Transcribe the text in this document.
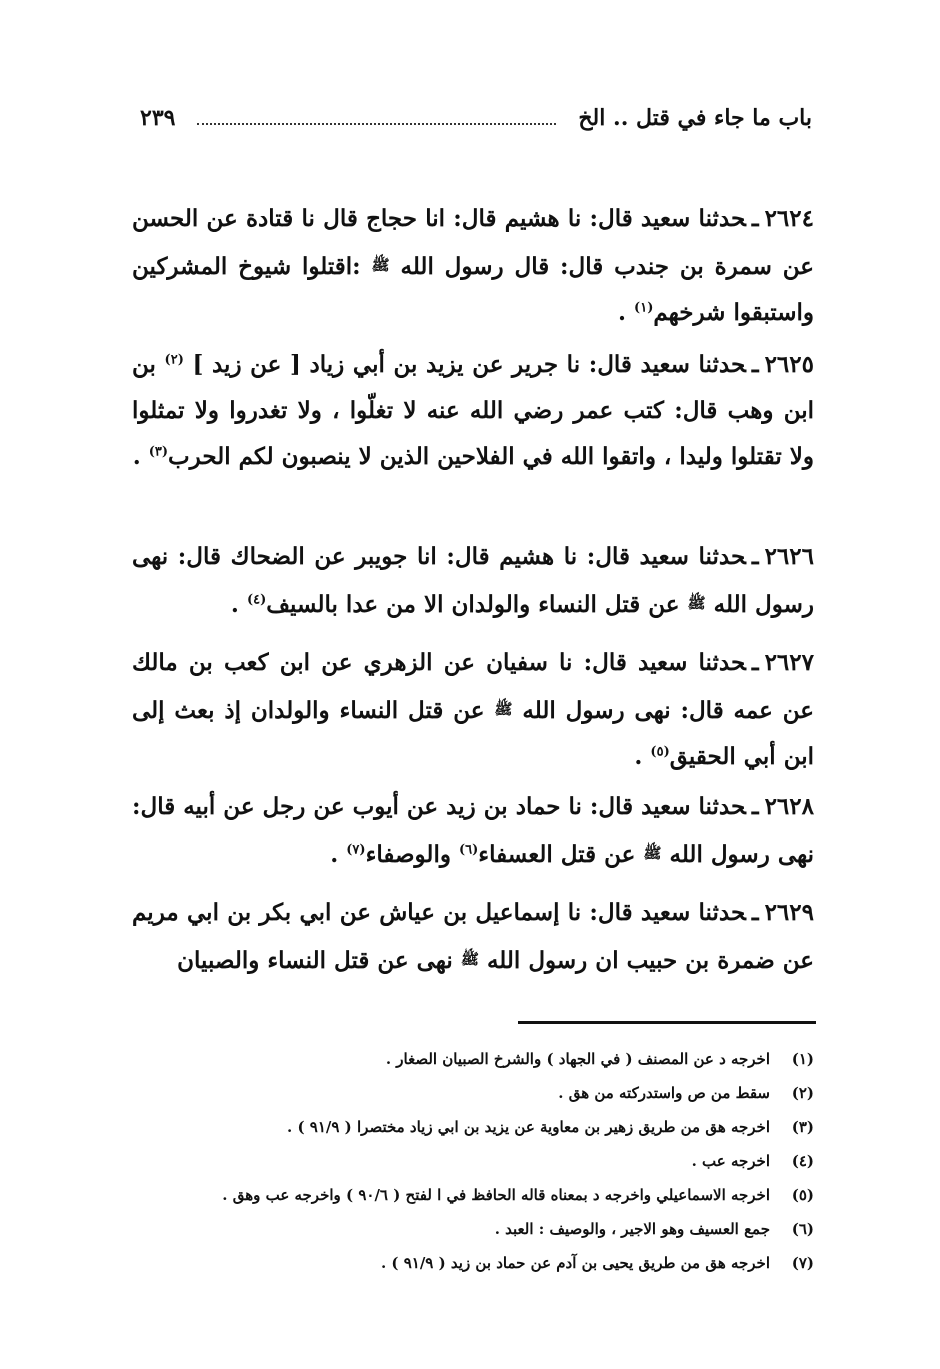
باب ما جاء في قتل .. الخ
٢٣٩
٢٦٢٤ـحدثنا سعيد قال: نا هشيم قال: انا حجاج قال نا قتادة عن الحسن عن سمرة بن جندب قال: قال رسول الله ﷺ :اقتلوا شيوخ المشركين واستبقوا شرخهم$^{(١)}$ .
٢٦٢٥ـحدثنا سعيد قال: نا جرير عن يزيد بن أبي زياد [ عن زيد ] $^{(٢)}$ بن ابن وهب قال: كتب عمر رضي الله عنه لا تغلّوا ، ولا تغدروا ولا تمثلوا ولا تقتلوا وليدا ، واتقوا الله في الفلاحين الذين لا ينصبون لكم الحرب$^{(٣)}$ .
٢٦٢٦ـحدثنا سعيد قال: نا هشيم قال: انا جويبر عن الضحاك قال: نهى رسول الله ﷺ عن قتل النساء والولدان الا من عدا بالسيف$^{(٤)}$ .
٢٦٢٧ـحدثنا سعيد قال: نا سفيان عن الزهري عن ابن كعب بن مالك عن عمه قال: نهى رسول الله ﷺ عن قتل النساء والولدان إذ بعث إلى ابن أبي الحقيق$^{(٥)}$ .
٢٦٢٨ـحدثنا سعيد قال: نا حماد بن زيد عن أيوب عن رجل عن أبيه قال: نهى رسول الله ﷺ عن قتل العسفاء$^{(٦)}$ والوصفاء$^{(٧)}$ .
٢٦٢٩ـحدثنا سعيد قال: نا إسماعيل بن عياش عن ابي بكر بن ابي مريم عن ضمرة بن حبيب ان رسول الله ﷺ نهى عن قتل النساء والصبيان
(١)
اخرجه د عن المصنف ( في الجهاد ) والشرخ الصبيان الصغار .
(٢)
سقط من ص واستدركته من هق .
(٣)
اخرجه هق من طريق زهير بن معاوية عن يزيد بن ابي زياد مختصرا ( ٩١/٩ ) .
(٤)
اخرجه عب .
(٥)
اخرجه الاسماعيلي واخرجه د بمعناه قاله الحافظ في ا لفتح ( ٩٠/٦ ) واخرجه عب وهق .
(٦)
جمع العسيف وهو الاجير ، والوصيف : العبد .
(٧)
اخرجه هق من طريق يحيى بن آدم عن حماد بن زيد ( ٩١/٩ ) .
